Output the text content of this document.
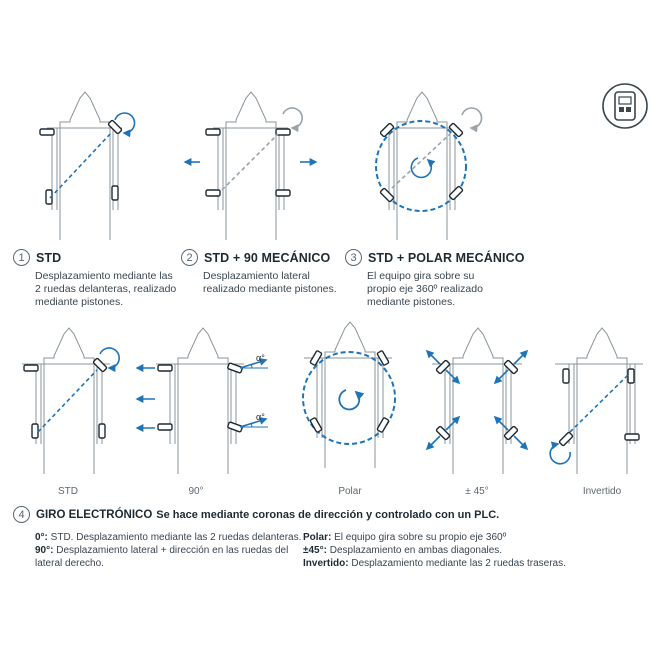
α°
α°
1 STD
Desplazamiento mediante las
2 ruedas delanteras, realizado
mediante pistones.
2 STD + 90 MECÁNICO
Desplazamiento lateral
realizado mediante pistones.
3 STD + POLAR MECÁNICO
El equipo gira sobre su
propio eje 360º realizado
mediante pistones.
STD	90°	Polar	± 45°	Invertido
4 GIRO ELECTRÓNICO Se hace mediante coronas de dirección y controlado con un PLC.
0°: STD. Desplazamiento mediante las 2 ruedas delanteras.
90°: Desplazamiento lateral + dirección en las ruedas del
lateral derecho.
Polar: El equipo gira sobre su propio eje 360º
±45°: Desplazamiento en ambas diagonales.
Invertido: Desplazamiento mediante las 2 ruedas traseras.
